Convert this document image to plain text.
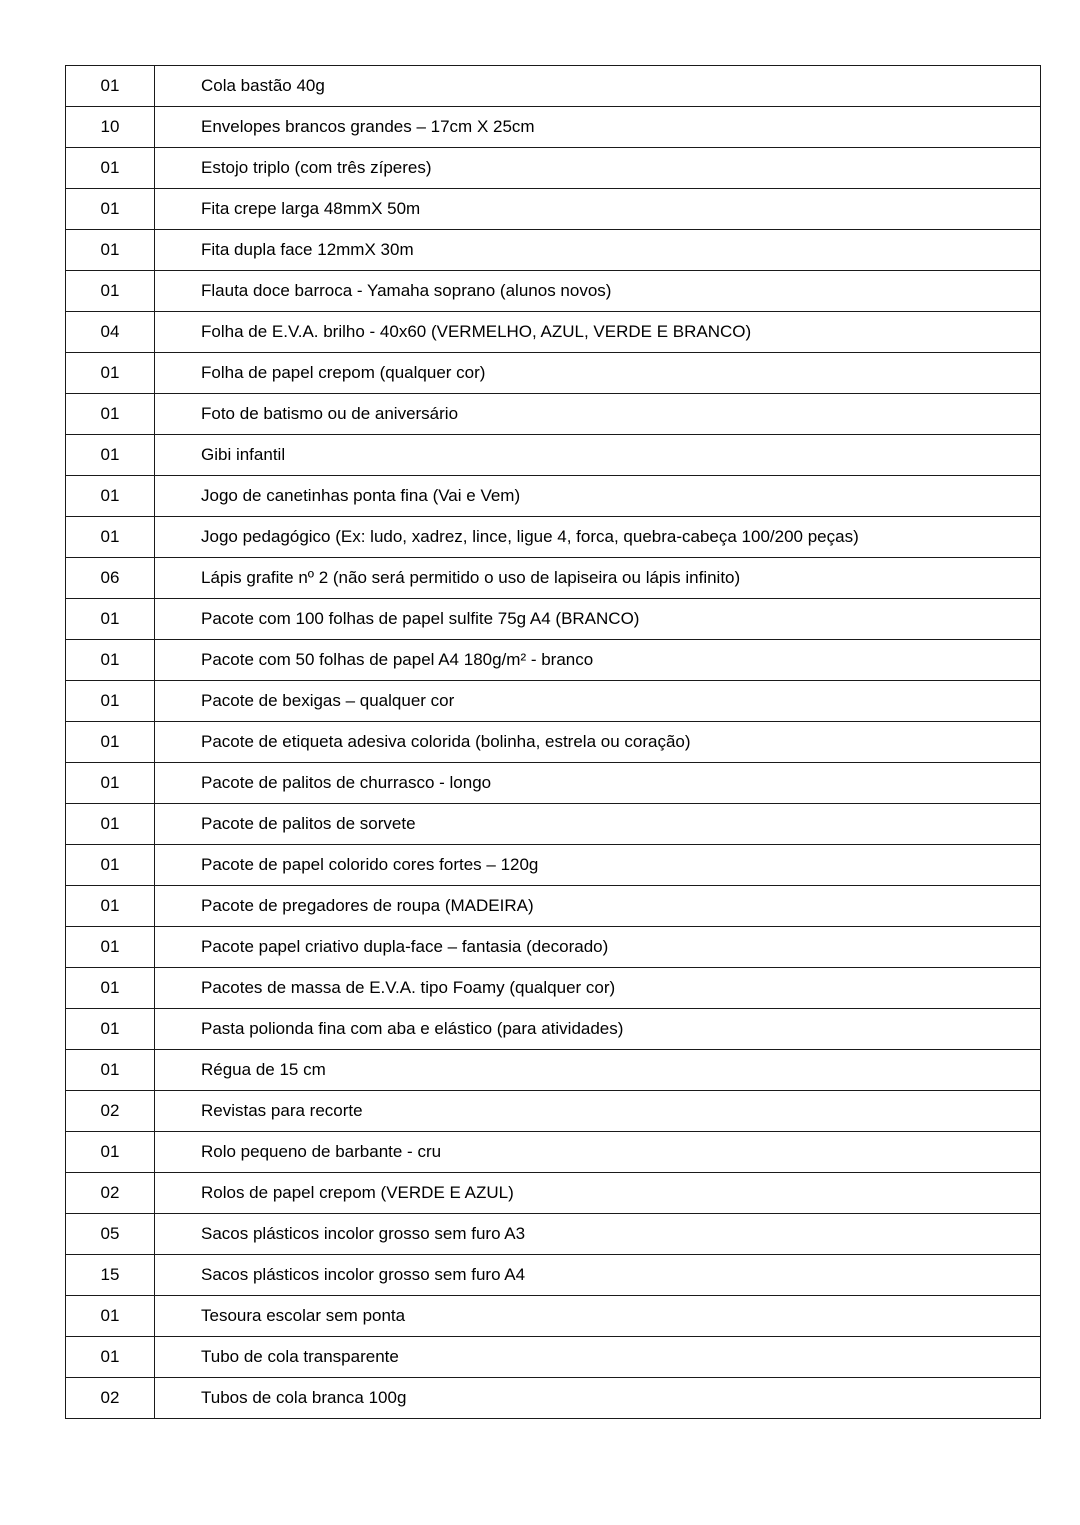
01	Cola bastão 40g
10	Envelopes brancos grandes – 17cm X 25cm
01	Estojo triplo (com três zíperes)
01	Fita crepe larga 48mmX 50m
01	Fita dupla face 12mmX 30m
01	Flauta doce barroca - Yamaha soprano (alunos novos)
04	Folha de E.V.A. brilho - 40x60 (VERMELHO, AZUL, VERDE E BRANCO)
01	Folha de papel crepom (qualquer cor)
01	Foto de batismo ou de aniversário
01	Gibi infantil
01	Jogo de canetinhas ponta fina (Vai e Vem)
01	Jogo pedagógico (Ex: ludo, xadrez, lince, ligue 4, forca, quebra-cabeça 100/200 peças)
06	Lápis grafite nº 2 (não será permitido o uso de lapiseira ou lápis infinito)
01	Pacote com 100 folhas de papel sulfite 75g A4 (BRANCO)
01	Pacote com 50 folhas de papel A4 180g/m² - branco
01	Pacote de bexigas – qualquer cor
01	Pacote de etiqueta adesiva colorida (bolinha, estrela ou coração)
01	Pacote de palitos de churrasco - longo
01	Pacote de palitos de sorvete
01	Pacote de papel colorido cores fortes – 120g
01	Pacote de pregadores de roupa (MADEIRA)
01	Pacote papel criativo dupla-face – fantasia (decorado)
01	Pacotes de massa de E.V.A. tipo Foamy (qualquer cor)
01	Pasta polionda fina com aba e elástico (para atividades)
01	Régua de 15 cm
02	Revistas para recorte
01	Rolo pequeno de barbante - cru
02	Rolos de papel crepom (VERDE E AZUL)
05	Sacos plásticos incolor grosso sem furo A3
15	Sacos plásticos incolor grosso sem furo A4
01	Tesoura escolar sem ponta
01	Tubo de cola transparente
02	Tubos de cola branca 100g
